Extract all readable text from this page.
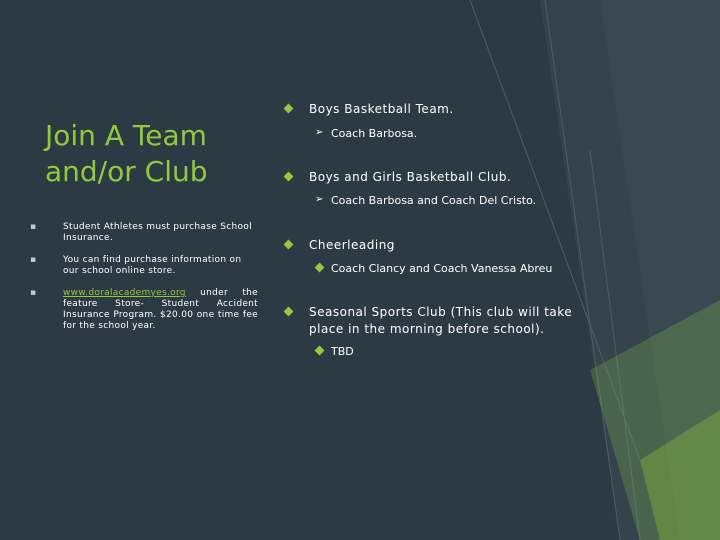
Join A Team and/or Club
▪	Student Athletes must purchase School Insurance.
▪	You can find purchase information on our school online store.
▪	www.doralacademyes.org under the feature Store- Student Accident Insurance Program. $20.00 one time fee for the school year.
Boys Basketball Team.
➢ Coach Barbosa.
Boys and Girls Basketball Club.
➢ Coach Barbosa and Coach Del Cristo.
Cheerleading
Coach Clancy and Coach Vanessa Abreu
Seasonal Sports Club (This club will take place in the morning before school).
TBD
